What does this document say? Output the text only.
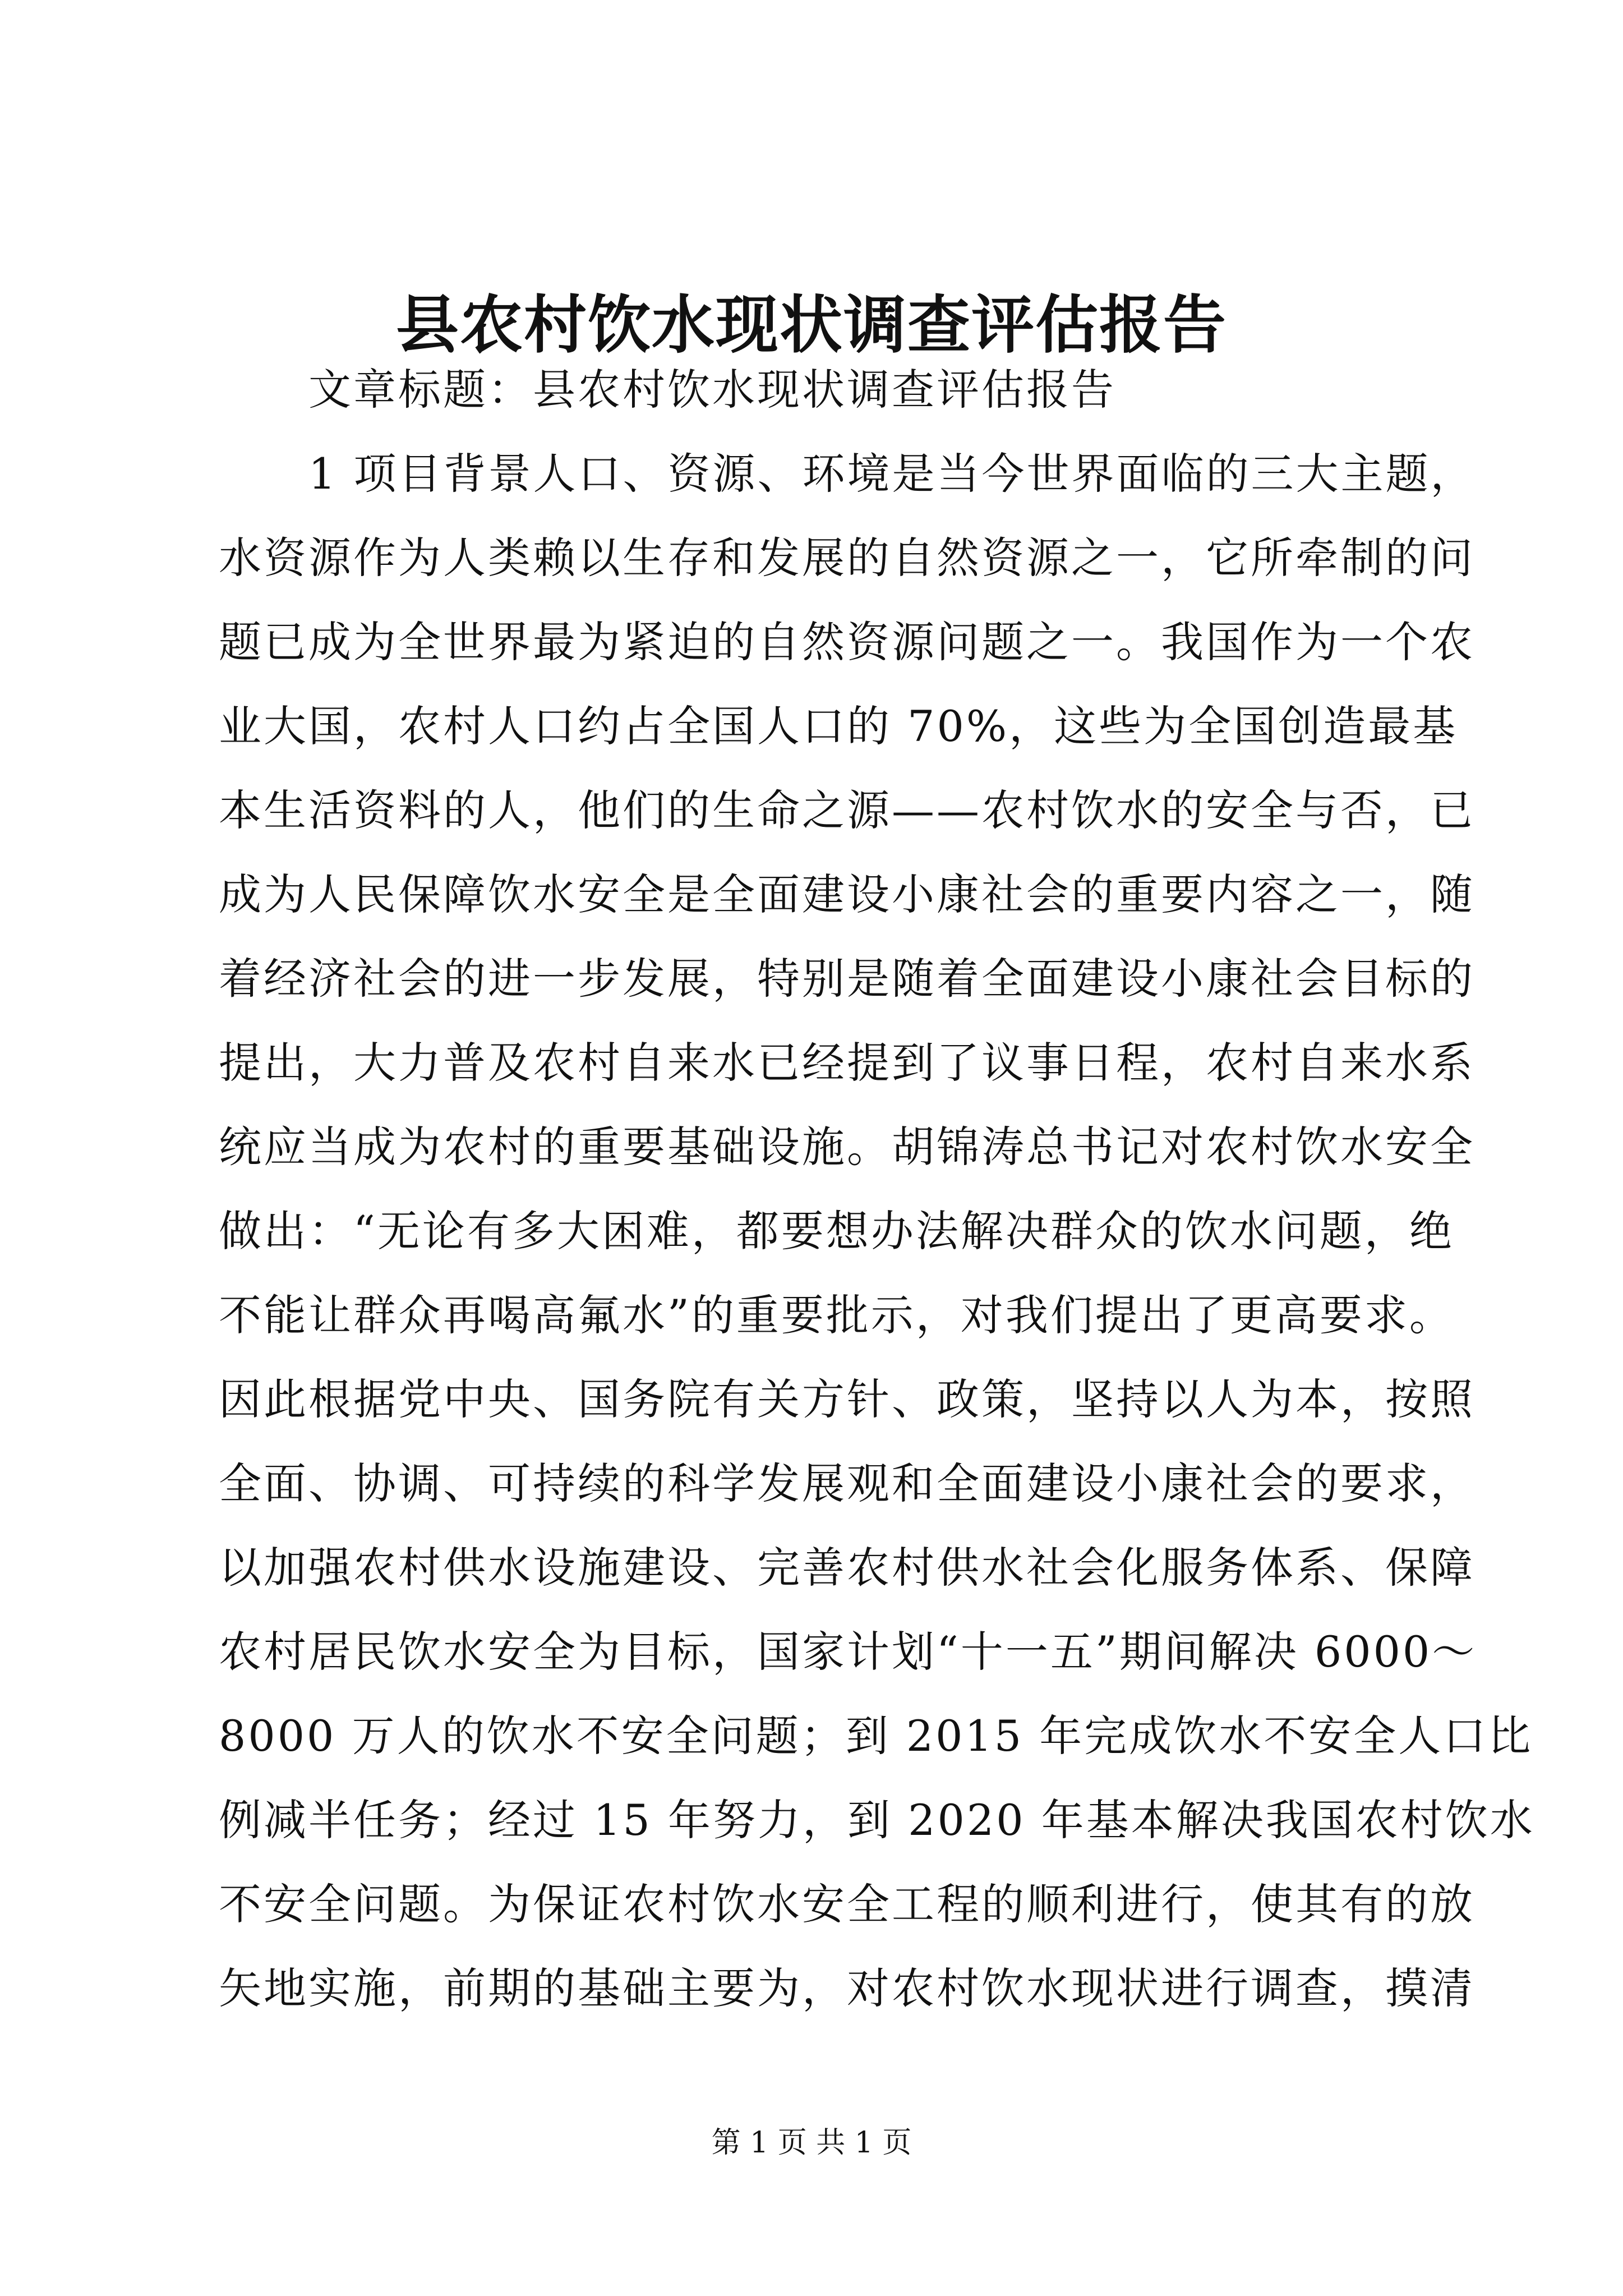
县农村饮水现状调查评估报告
文章标题：县农村饮水现状调查评估报告
1 项目背景人口、资源、环境是当今世界面临的三大主题，
水资源作为人类赖以生存和发展的自然资源之一，它所牵制的问
题已成为全世界最为紧迫的自然资源问题之一。我国作为一个农
业大国，农村人口约占全国人口的 70%，这些为全国创造最基
本生活资料的人，他们的生命之源——农村饮水的安全与否，已
成为人民保障饮水安全是全面建设小康社会的重要内容之一，随
着经济社会的进一步发展，特别是随着全面建设小康社会目标的
提出，大力普及农村自来水已经提到了议事日程，农村自来水系
统应当成为农村的重要基础设施。胡锦涛总书记对农村饮水安全
做出：“无论有多大困难，都要想办法解决群众的饮水问题，绝
不能让群众再喝高氟水”的重要批示，对我们提出了更高要求。
因此根据党中央、国务院有关方针、政策，坚持以人为本，按照
全面、协调、可持续的科学发展观和全面建设小康社会的要求，
以加强农村供水设施建设、完善农村供水社会化服务体系、保障
农村居民饮水安全为目标，国家计划“十一五”期间解决 6000～
8000 万人的饮水不安全问题；到 2015 年完成饮水不安全人口比
例减半任务；经过 15 年努力，到 2020 年基本解决我国农村饮水
不安全问题。为保证农村饮水安全工程的顺利进行，使其有的放
矢地实施，前期的基础主要为，对农村饮水现状进行调查，摸清
第 1 页 共 1 页
